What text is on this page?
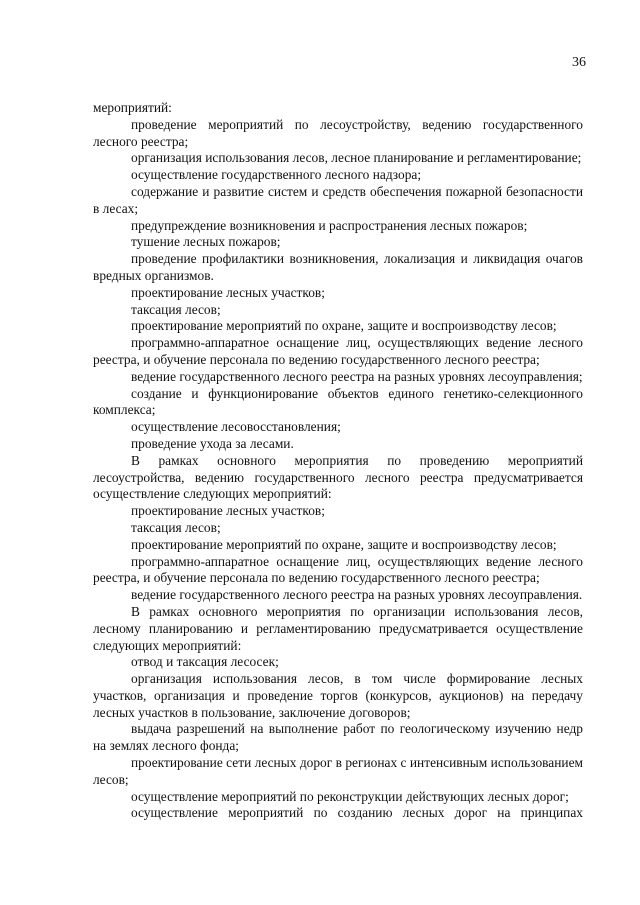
36

мероприятий:

проведение мероприятий по лесоустройству, ведению государственного лесного реестра;

организация использования лесов, лесное планирование и регламентирование;

осуществление государственного лесного надзора;

содержание и развитие систем и средств обеспечения пожарной безопасности в лесах;

предупреждение возникновения и распространения лесных пожаров;

тушение лесных пожаров;

проведение профилактики возникновения, локализация и ликвидация очагов вредных организмов.

проектирование лесных участков;

таксация лесов;

проектирование мероприятий по охране, защите и воспроизводству лесов;

программно-аппаратное оснащение лиц, осуществляющих ведение лесного реестра, и обучение персонала по ведению государственного лесного реестра;

ведение государственного лесного реестра на разных уровнях лесоуправления;

создание и функционирование объектов единого генетико-селекционного комплекса;

осуществление лесовосстановления;

проведение ухода за лесами.

В рамках основного мероприятия по проведению мероприятий лесоустройства, ведению государственного лесного реестра предусматривается осуществление следующих мероприятий:

проектирование лесных участков;

таксация лесов;

проектирование мероприятий по охране, защите и воспроизводству лесов;

программно-аппаратное оснащение лиц, осуществляющих ведение лесного реестра, и обучение персонала по ведению государственного лесного реестра;

ведение государственного лесного реестра на разных уровнях лесоуправления.

В рамках основного мероприятия по организации использования лесов, лесному планированию и регламентированию предусматривается осуществление следующих мероприятий:

отвод и таксация лесосек;

организация использования лесов, в том числе формирование лесных участков, организация и проведение торгов (конкурсов, аукционов) на передачу лесных участков в пользование, заключение договоров;

выдача разрешений на выполнение работ по геологическому изучению недр на землях лесного фонда;

проектирование сети лесных дорог в регионах с интенсивным использованием лесов;

осуществление мероприятий по реконструкции действующих лесных дорог;

осуществление мероприятий по созданию лесных дорог на принципах
